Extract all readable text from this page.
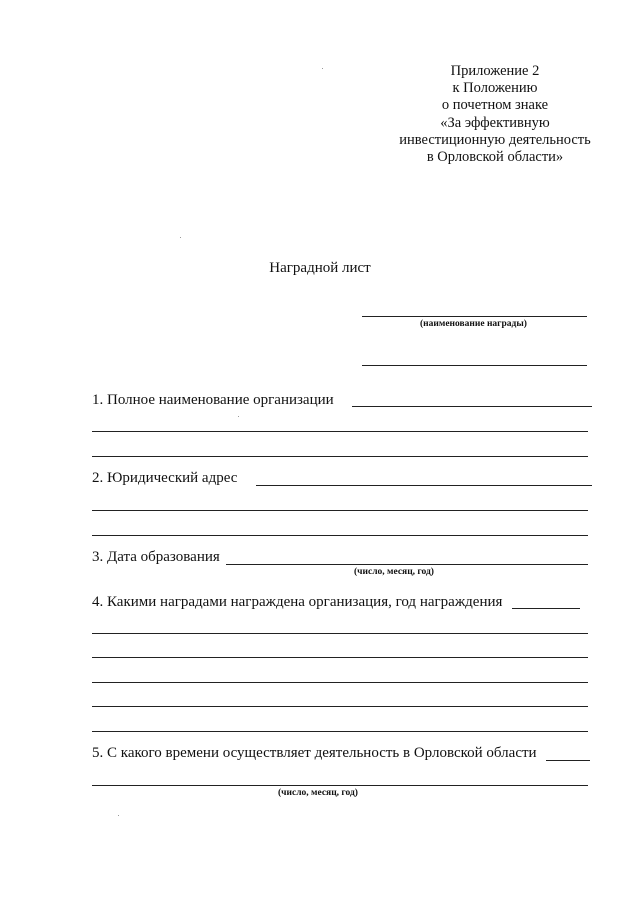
Приложение 2
к Положению
о почетном знаке
«За эффективную
инвестиционную деятельность
в Орловской области»
Наградной лист
(наименование награды)
1. Полное наименование организации
2. Юридический адрес
3. Дата образования
(число, месяц, год)
4. Какими наградами награждена организация, год награждения
5. С какого времени осуществляет деятельность в Орловской области
(число, месяц, год)
